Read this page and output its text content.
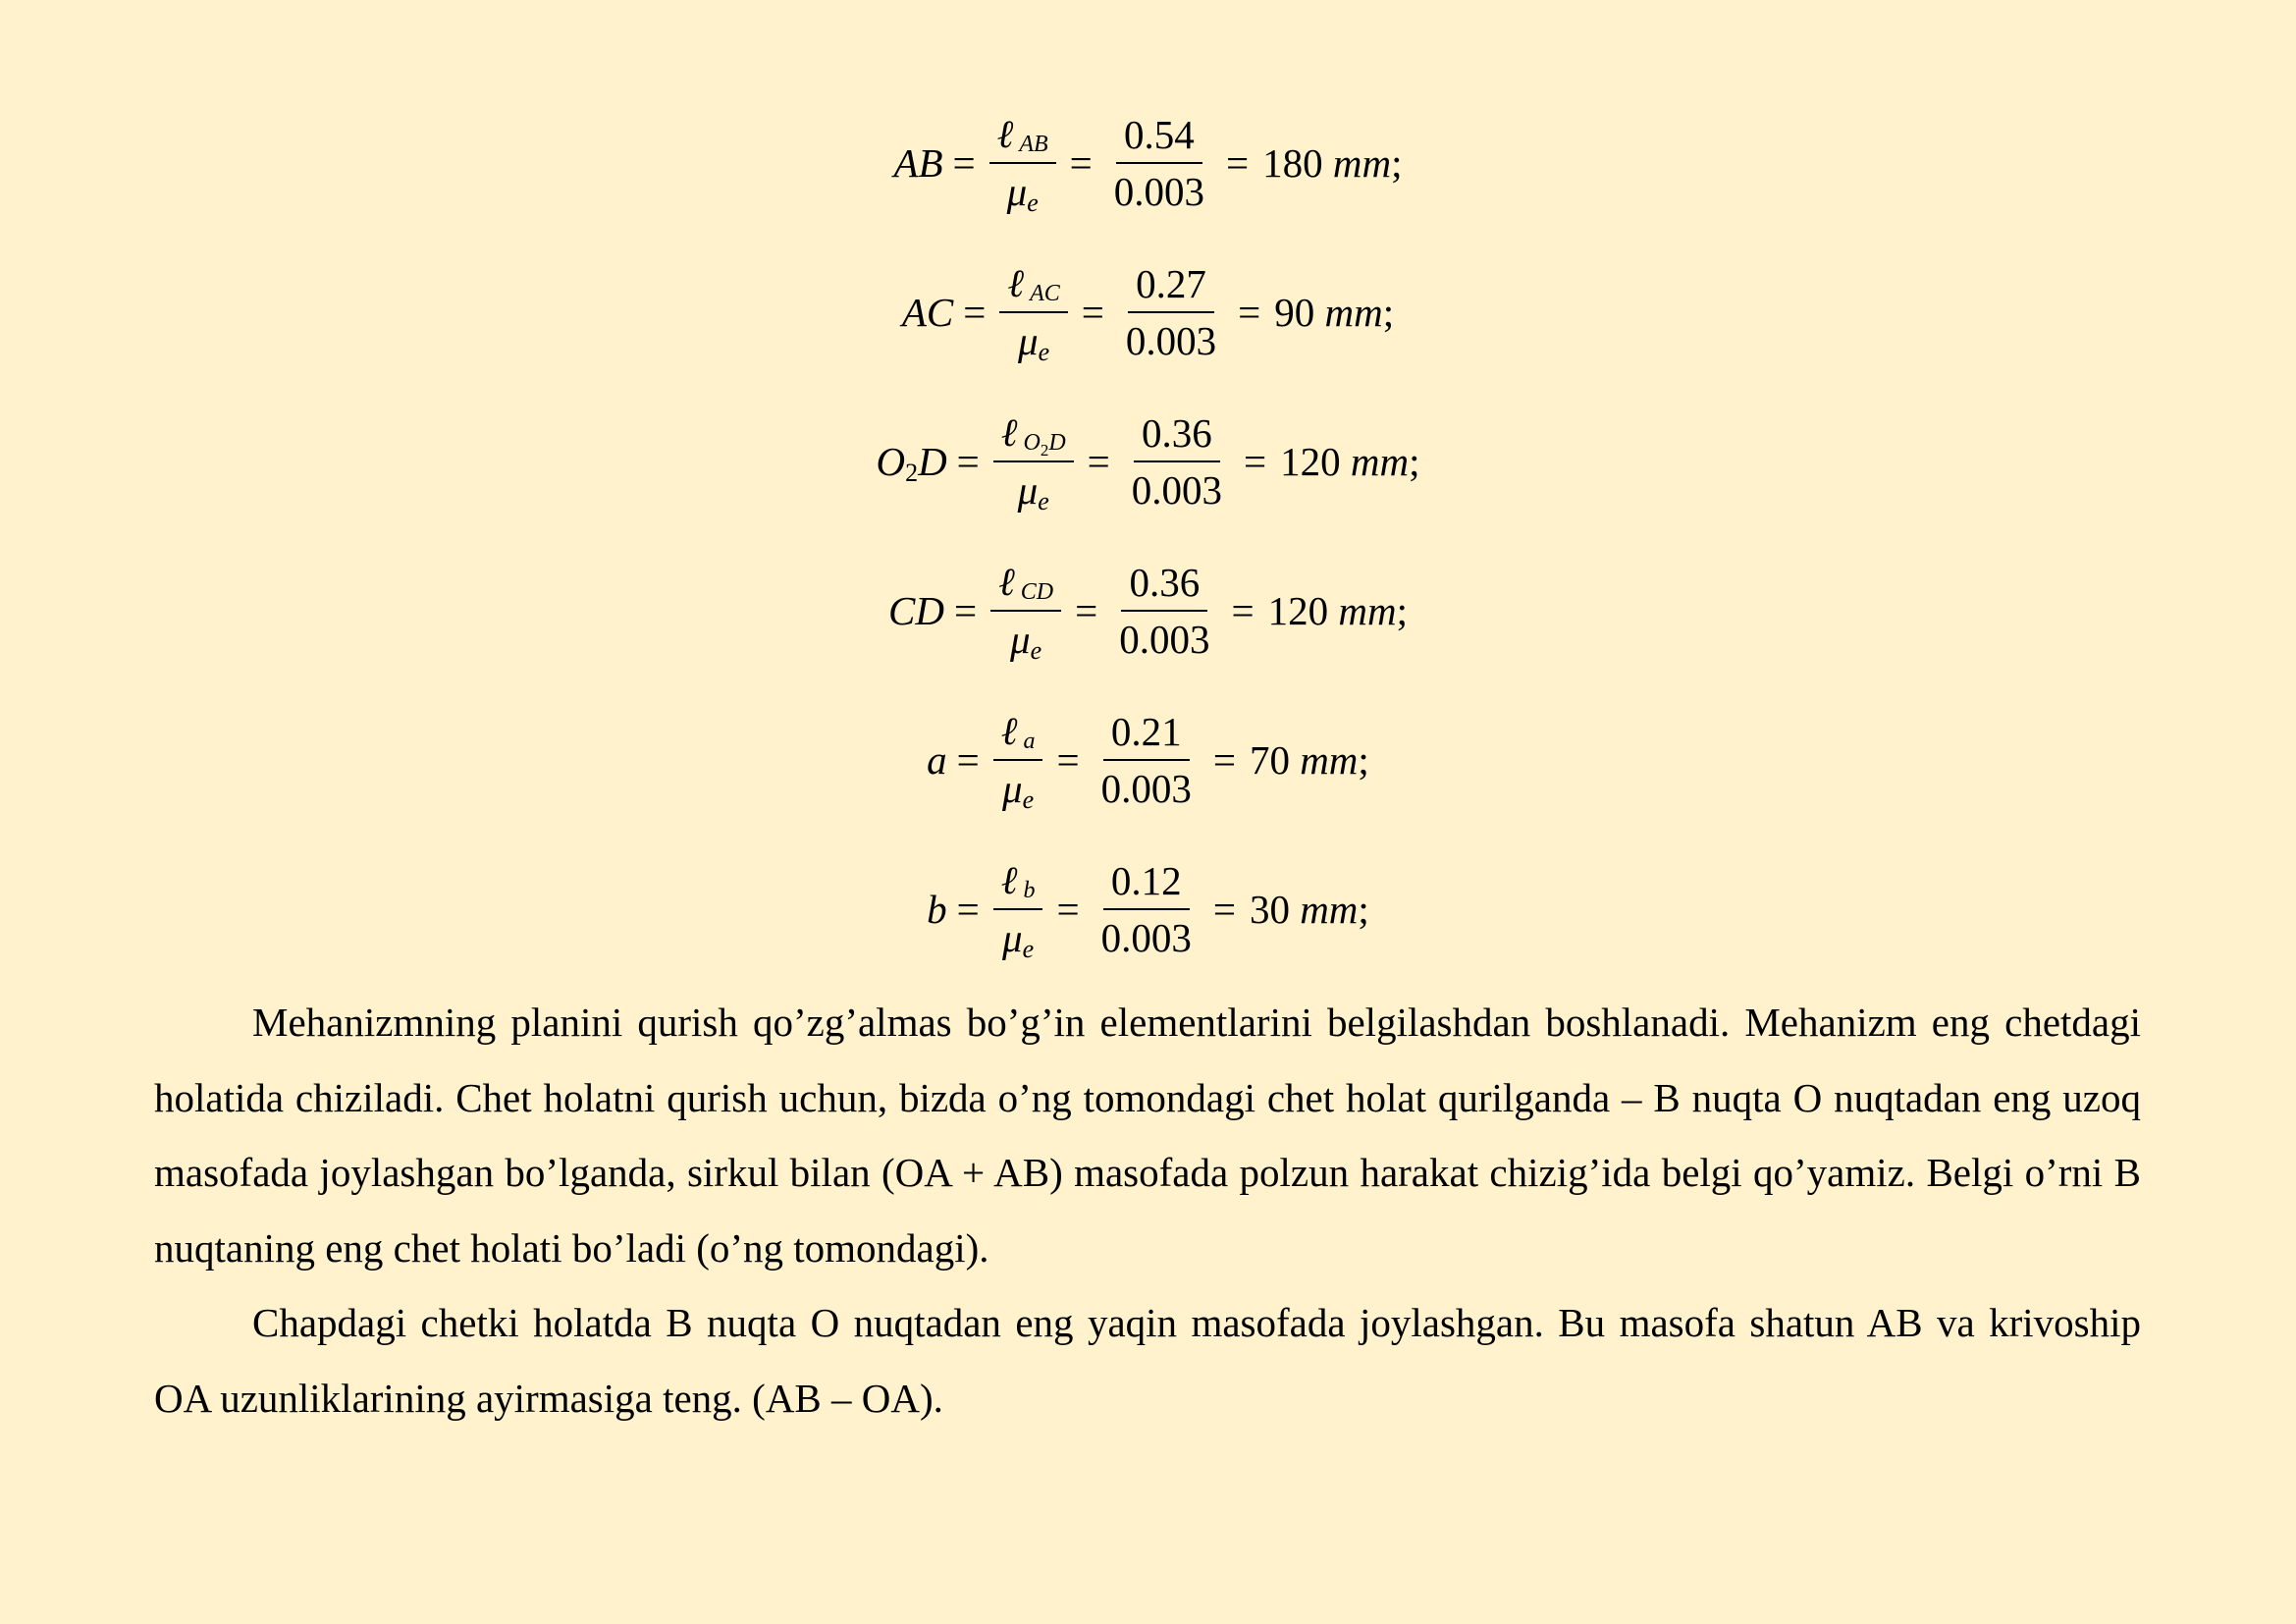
AB = $\frac{\text{ℓ AB}}{\text{μ e}} = \frac{0.54}{0.003} = 180$
mm ;
AC = $\frac{\text{ℓ AC}}{\text{μ e}} = \frac{0.27}{0.003} = 90$
mm ;
O 2 $D = \frac{\ell O_2D}{\text{μ e}} = \frac{0.36}{0.003} = 120$
mm ;
CD = $\frac{\text{ℓ CD}}{\text{μ e}} = \frac{0.36}{0.003} = 120$
mm ;
$a = \frac{\text{ℓ a}}{\text{μ e}} = \frac{0.21}{0.003} = 70$
mm ;
$b = \frac{\text{ℓ b}}{\text{μ e}} = \frac{0.12}{0.003} = 30$
mm ;

Mehanizmning planini qurish qo’zg’almas bo’g’in elementlarini belgilashdan boshlanadi. Mehanizm eng chetdagi holatida chiziladi. Chet holatni qurish uchun, bizda o’ng tomondagi chet holat qurilganda – B nuqta O nuqtadan eng uzoq masofada joylashgan bo’lganda, sirkul bilan (OA + AB) masofada polzun harakat chizig’ida belgi qo’yamiz. Belgi o’rni B nuqtaning eng chet holati bo’ladi (o’ng tomondagi).

Chapdagi chetki holatda B nuqta O nuqtadan eng yaqin masofada joylashgan. Bu masofa shatun AB va krivoship OA uzunliklarining ayirmasiga teng. (AB – OA).
